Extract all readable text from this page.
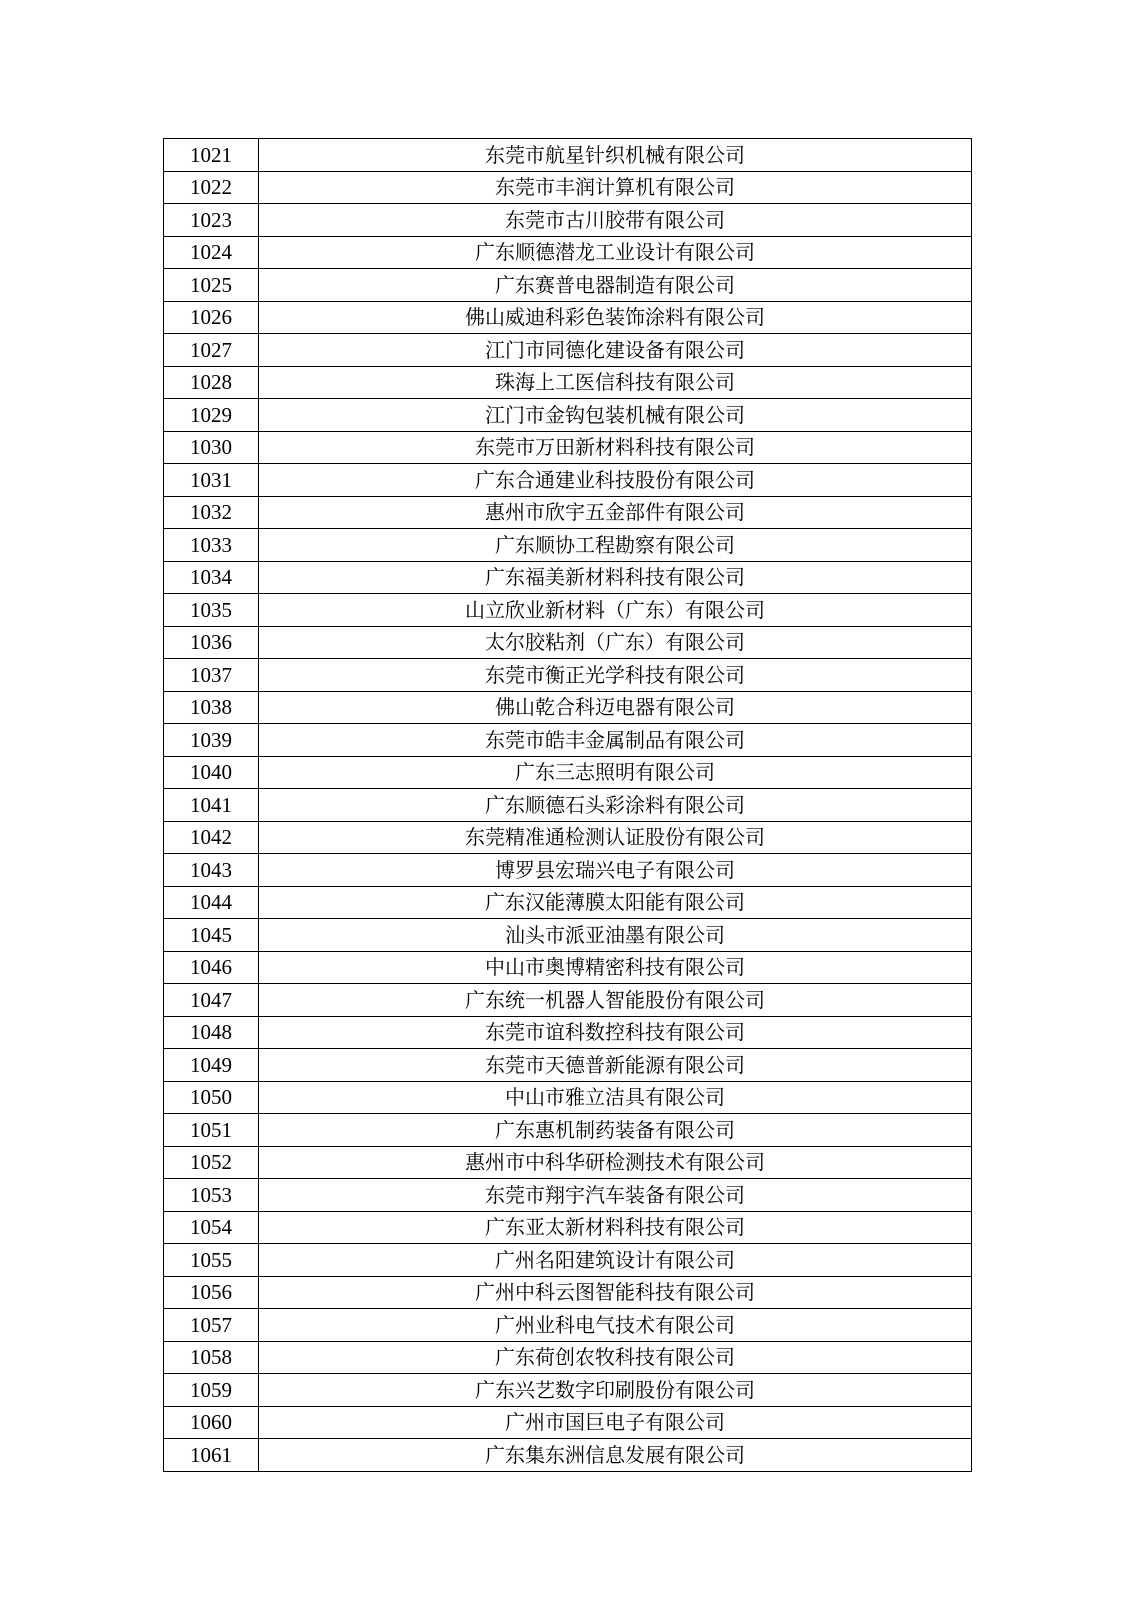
1021	东莞市航星针织机械有限公司
1022	东莞市丰润计算机有限公司
1023	东莞市古川胶带有限公司
1024	广东顺德潜龙工业设计有限公司
1025	广东赛普电器制造有限公司
1026	佛山威迪科彩色装饰涂料有限公司
1027	江门市同德化建设备有限公司
1028	珠海上工医信科技有限公司
1029	江门市金钩包装机械有限公司
1030	东莞市万田新材料科技有限公司
1031	广东合通建业科技股份有限公司
1032	惠州市欣宇五金部件有限公司
1033	广东顺协工程勘察有限公司
1034	广东福美新材料科技有限公司
1035	山立欣业新材料（广东）有限公司
1036	太尔胶粘剂（广东）有限公司
1037	东莞市衡正光学科技有限公司
1038	佛山乾合科迈电器有限公司
1039	东莞市皓丰金属制品有限公司
1040	广东三志照明有限公司
1041	广东顺德石头彩涂料有限公司
1042	东莞精准通检测认证股份有限公司
1043	博罗县宏瑞兴电子有限公司
1044	广东汉能薄膜太阳能有限公司
1045	汕头市派亚油墨有限公司
1046	中山市奥博精密科技有限公司
1047	广东统一机器人智能股份有限公司
1048	东莞市谊科数控科技有限公司
1049	东莞市天德普新能源有限公司
1050	中山市雅立洁具有限公司
1051	广东惠机制药装备有限公司
1052	惠州市中科华研检测技术有限公司
1053	东莞市翔宇汽车装备有限公司
1054	广东亚太新材料科技有限公司
1055	广州名阳建筑设计有限公司
1056	广州中科云图智能科技有限公司
1057	广州业科电气技术有限公司
1058	广东荷创农牧科技有限公司
1059	广东兴艺数字印刷股份有限公司
1060	广州市国巨电子有限公司
1061	广东集东洲信息发展有限公司
